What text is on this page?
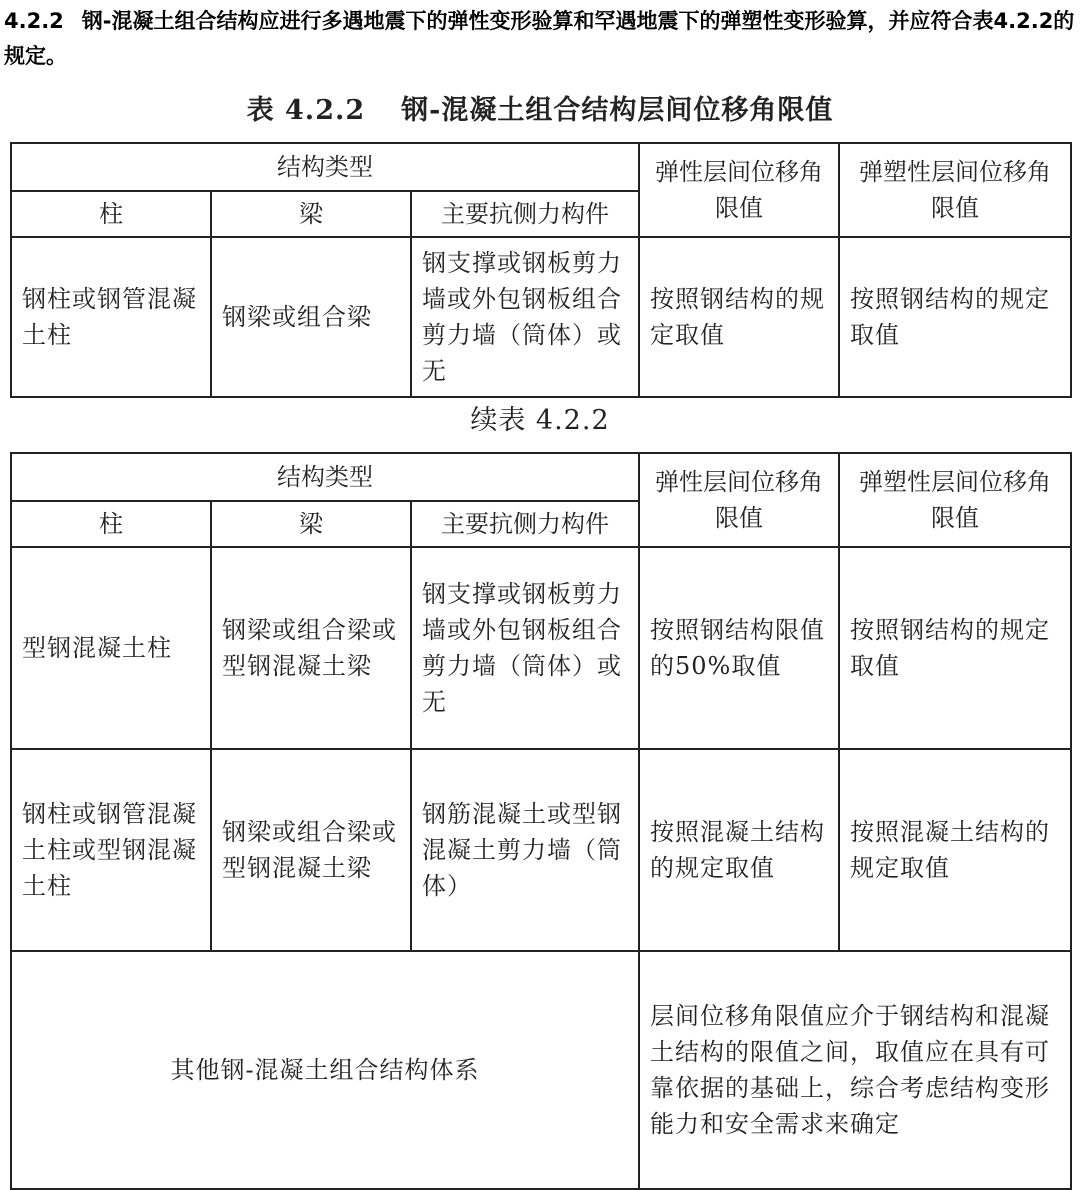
4.2.2 钢-混凝土组合结构应进行多遇地震下的弹性变形验算和罕遇地震下的弹塑性变形验算，并应符合表4.2.2的规定。

表 4.2.2 钢-混凝土组合结构层间位移角限值

结构类型			弹性层间位移角限值	弹塑性层间位移角限值
柱	梁	主要抗侧力构件		
钢柱或钢管混凝土柱	钢梁或组合梁	钢支撑或钢板剪力墙或外包钢板组合剪力墙（筒体）或无	按照钢结构的规定取值	按照钢结构的规定取值

续表 4.2.2

结构类型			弹性层间位移角限值	弹塑性层间位移角限值
柱	梁	主要抗侧力构件		
型钢混凝土柱	钢梁或组合梁或型钢混凝土梁	钢支撑或钢板剪力墙或外包钢板组合剪力墙（筒体）或无	按照钢结构限值的50%取值	按照钢结构的规定取值
钢柱或钢管混凝土柱或型钢混凝土柱	钢梁或组合梁或型钢混凝土梁	钢筋混凝土或型钢混凝土剪力墙（筒体）	按照混凝土结构的规定取值	按照混凝土结构的规定取值
其他钢-混凝土组合结构体系			层间位移角限值应介于钢结构和混凝土结构的限值之间，取值应在具有可靠依据的基础上，综合考虑结构变形能力和安全需求来确定	
